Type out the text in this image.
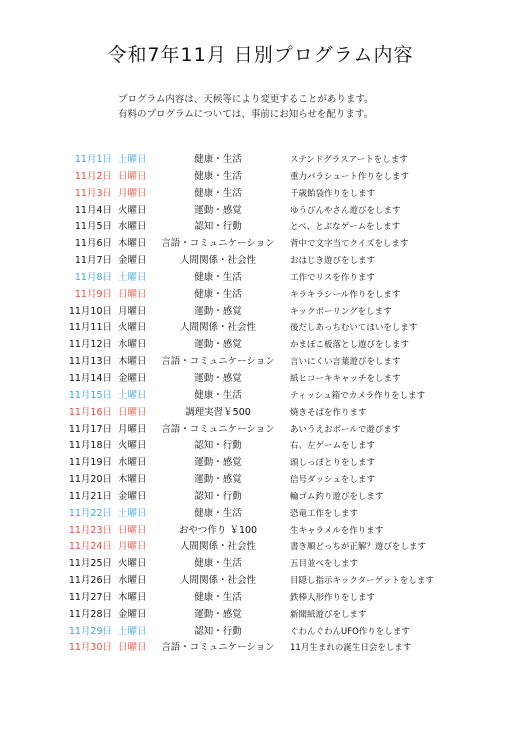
令和7年11月 日別プログラム内容
プログラム内容は、天候等により変更することがあります。
有料のプログラムについては、事前にお知らせを配ります。
11月1日 土曜日	健康・生活	ステンドグラスアートをします
11月2日 日曜日	健康・生活	重力パラシュート作りをします
11月3日 月曜日	健康・生活	千歳飴袋作りをします
11月4日 火曜日	運動・感覚	ゆうびんやさん遊びをします
11月5日 水曜日	認知・行動	とべ、とぶなゲームをします
11月6日 木曜日	言語・コミュニケーション	背中で文字当てクイズをします
11月7日 金曜日	人間関係・社会性	おはじき遊びをします
11月8日 土曜日	健康・生活	工作でリスを作ります
11月9日 日曜日	健康・生活	キラキラシール作りをします
11月10日 月曜日	運動・感覚	キックボーリングをします
11月11日 火曜日	人間関係・社会性	後だしあっちむいてほいをします
11月12日 水曜日	運動・感覚	かまぼこ板落とし遊びをします
11月13日 木曜日	言語・コミュニケーション	言いにくい言葉遊びをします
11月14日 金曜日	運動・感覚	紙ヒコーキキャッチをします
11月15日 土曜日	健康・生活	ティッシュ箱でカメラ作りをします
11月16日 日曜日	調理実習￥500	焼きそばを作ります
11月17日 月曜日	言語・コミュニケーション	あいうえおボールで遊びます
11月18日 火曜日	認知・行動	右、左ゲームをします
11月19日 水曜日	運動・感覚	頭しっぽとりをします
11月20日 木曜日	運動・感覚	信号ダッシュをします
11月21日 金曜日	認知・行動	輪ゴム釣り遊びをします
11月22日 土曜日	健康・生活	恐竜工作をします
11月23日 日曜日	おやつ作り ￥100	生キャラメルを作ります
11月24日 月曜日	人間関係・社会性	書き順どっちが正解？遊びをします
11月25日 火曜日	健康・生活	五目並べをします
11月26日 水曜日	人間関係・社会性	目隠し指示キックターゲットをします
11月27日 木曜日	健康・生活	鉄棒人形作りをします
11月28日 金曜日	運動・感覚	新聞紙遊びをします
11月29日 土曜日	認知・行動	ぐわんぐわんUFO作りをします
11月30日 日曜日	言語・コミュニケーション	11月生まれの誕生日会をします
